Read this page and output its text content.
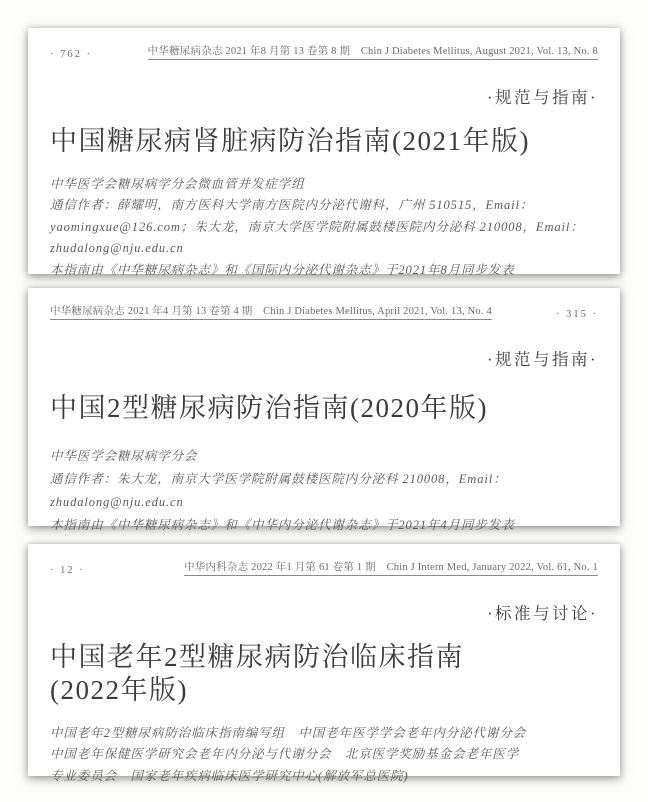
· 762 ·	中华糖尿病杂志 2021 年8 月第 13 卷第 8 期　Chin J Diabetes Mellitus, August 2021, Vol. 13, No. 8
·规范与指南·
中国糖尿病肾脏病防治指南(2021年版)

中华医学会糖尿病学分会微血管并发症学组

通信作者：薛耀明，南方医科大学南方医院内分泌代谢科，广州 510515，Email：

yaomingxue@126.com；朱大龙，南京大学医学院附属鼓楼医院内分泌科 210008，Email：

zhudalong@nju.edu.cn

本指南由《中华糖尿病杂志》和《国际内分泌代谢杂志》于2021年8月同步发表

中华糖尿病杂志 2021 年4 月第 13 卷第 4 期　Chin J Diabetes Mellitus, April 2021, Vol. 13, No. 4	· 315 ·
·规范与指南·
中国2型糖尿病防治指南(2020年版)

中华医学会糖尿病学分会

通信作者：朱大龙，南京大学医学院附属鼓楼医院内分泌科 210008，Email：

zhudalong@nju.edu.cn

本指南由《中华糖尿病杂志》和《中华内分泌代谢杂志》于2021年4月同步发表

· 12 ·	中华内科杂志 2022 年1 月第 61 卷第 1 期　Chin J Intern Med, January 2022, Vol. 61, No. 1
·标准与讨论·
中国老年2型糖尿病防治临床指南
(2022年版)

中国老年2型糖尿病防治临床指南编写组　中国老年医学学会老年内分泌代谢分会

中国老年保健医学研究会老年内分泌与代谢分会　北京医学奖励基金会老年医学

专业委员会　国家老年疾病临床医学研究中心(解放军总医院)
